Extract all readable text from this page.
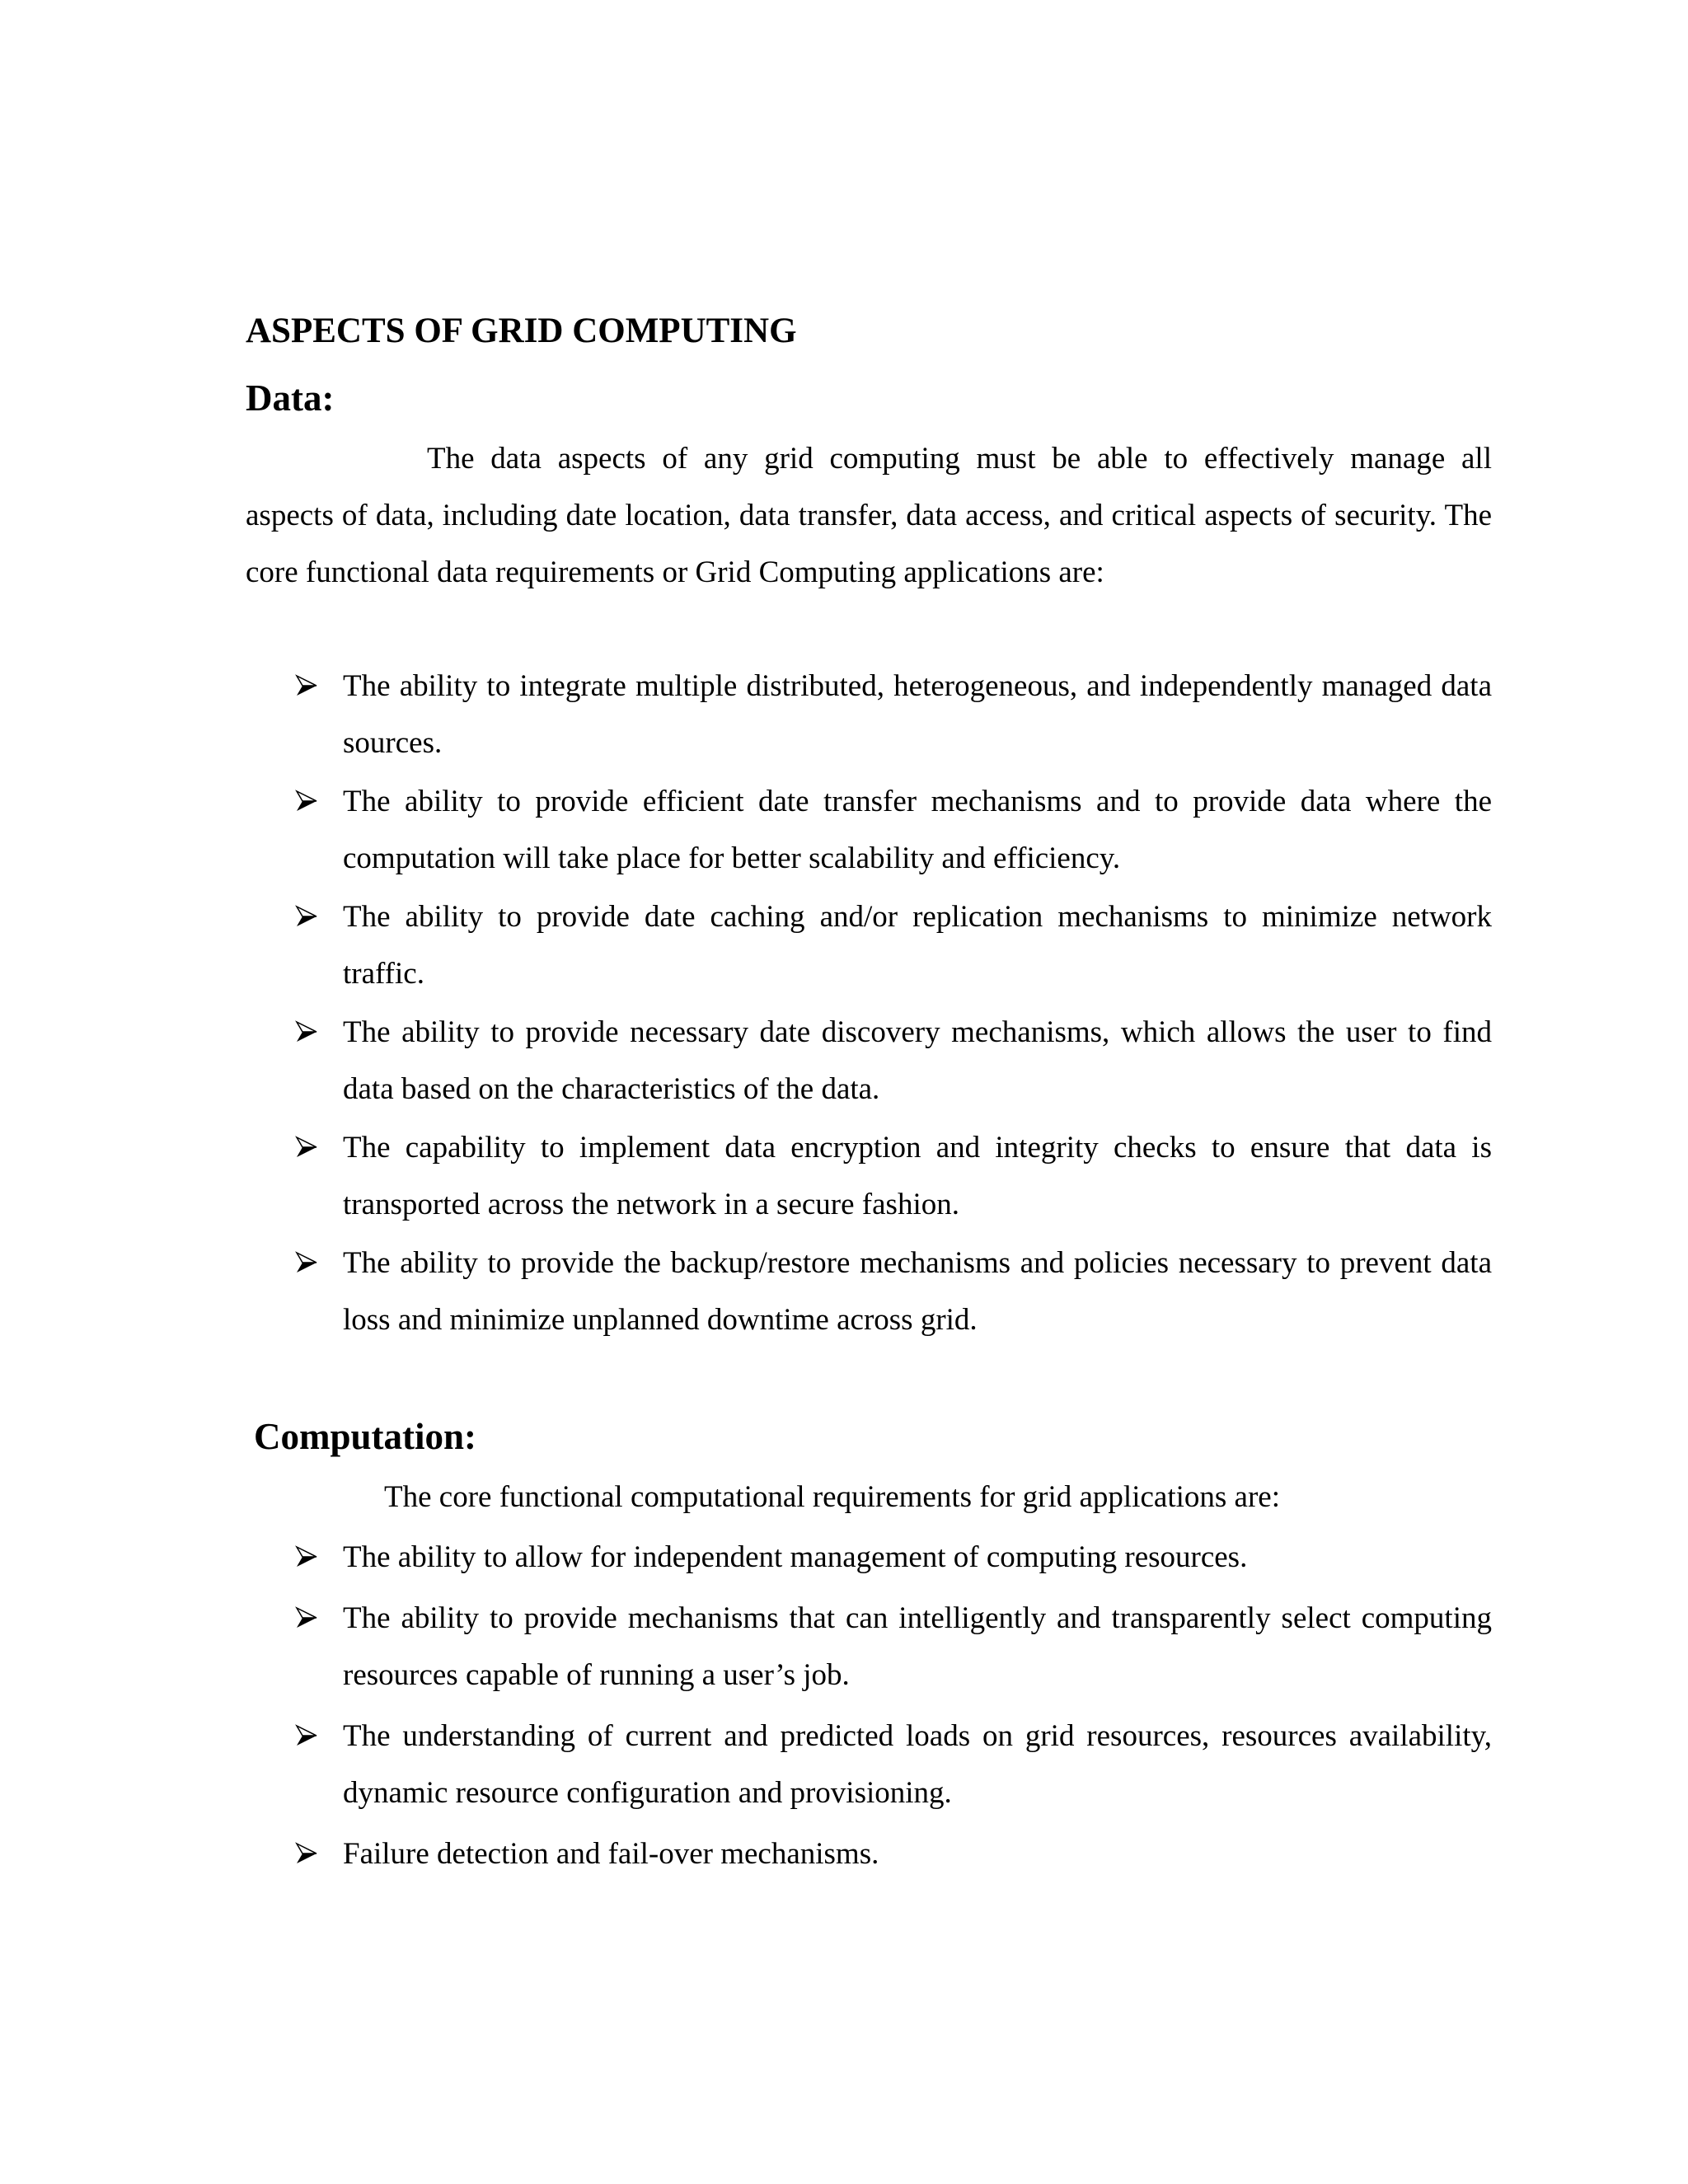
ASPECTS OF GRID COMPUTING
Data:

The data aspects of any grid computing must be able to effectively manage all

aspects of data, including date location, data transfer, data access, and critical aspects of security. The core functional data requirements or Grid Computing applications are:

The ability to integrate multiple distributed, heterogeneous, and independently managed data sources.
The ability to provide efficient date transfer mechanisms and to provide data where the computation will take place for better scalability and efficiency.
The ability to provide date caching and/or replication mechanisms to minimize network traffic.
The ability to provide necessary date discovery mechanisms, which allows the user to find data based on the characteristics of the data.
The capability to implement data encryption and integrity checks to ensure that data is transported across the network in a secure fashion.
The ability to provide the backup/restore mechanisms and policies necessary to prevent data loss and minimize unplanned downtime across grid.
Computation:

The core functional computational requirements for grid applications are:

The ability to allow for independent management of computing resources.
The ability to provide mechanisms that can intelligently and transparently select computing resources capable of running a user’s job.
The understanding of current and predicted loads on grid resources, resources availability, dynamic resource configuration and provisioning.
Failure detection and fail-over mechanisms.
